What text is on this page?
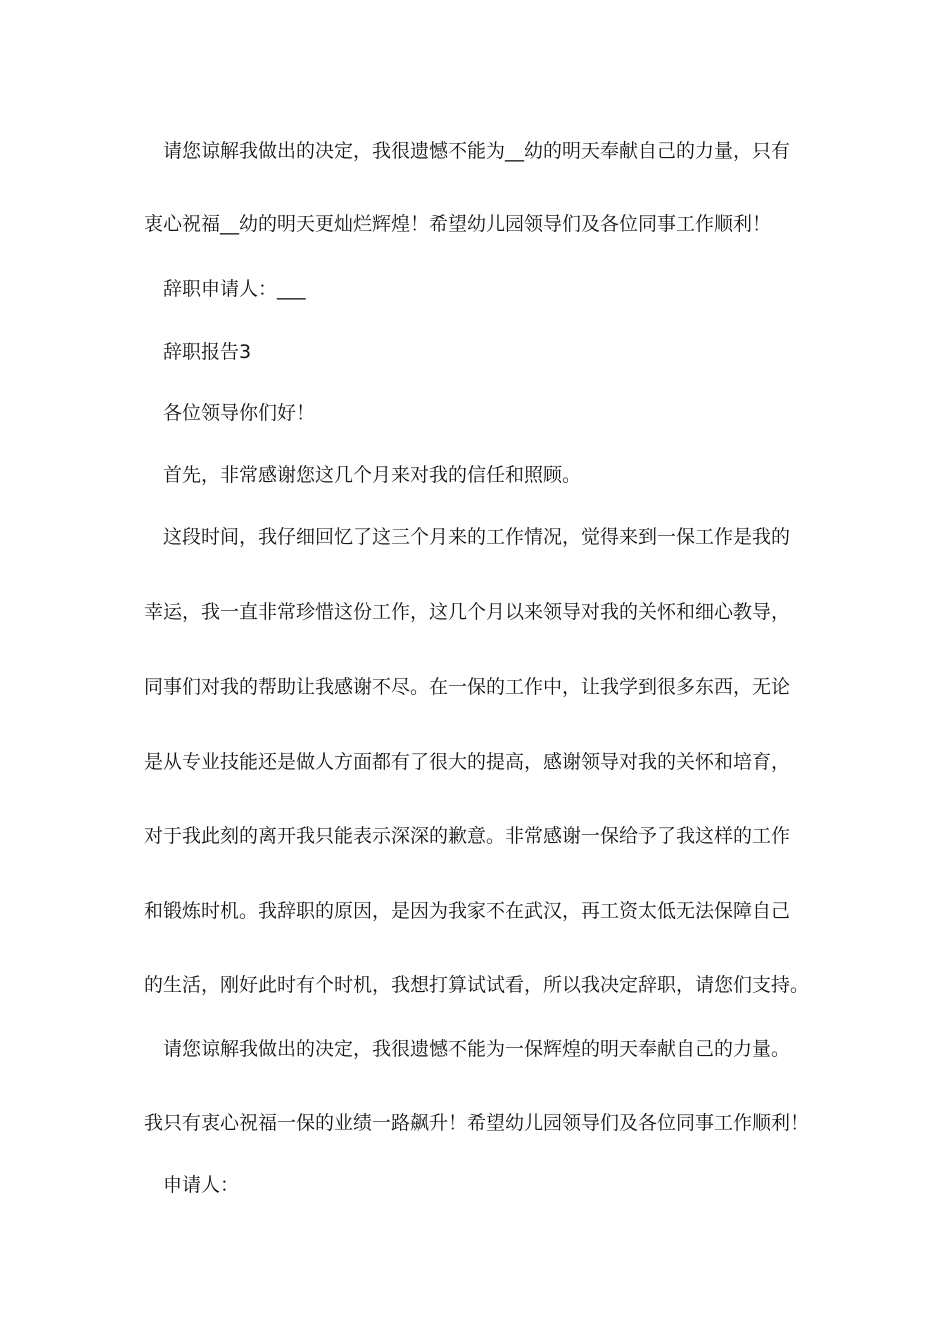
请您谅解我做出的决定，我很遗憾不能为__幼的明天奉献自己的力量，只有
衷心祝福__幼的明天更灿烂辉煌！希望幼儿园领导们及各位同事工作顺利！
辞职申请人：___
辞职报告3
各位领导你们好！
首先，非常感谢您这几个月来对我的信任和照顾。
这段时间，我仔细回忆了这三个月来的工作情况，觉得来到一保工作是我的
幸运，我一直非常珍惜这份工作，这几个月以来领导对我的关怀和细心教导，
同事们对我的帮助让我感谢不尽。在一保的工作中，让我学到很多东西，无论
是从专业技能还是做人方面都有了很大的提高，感谢领导对我的关怀和培育，
对于我此刻的离开我只能表示深深的歉意。非常感谢一保给予了我这样的工作
和锻炼时机。我辞职的原因，是因为我家不在武汉，再工资太低无法保障自己
的生活，刚好此时有个时机，我想打算试试看，所以我决定辞职，请您们支持。
请您谅解我做出的决定，我很遗憾不能为一保辉煌的明天奉献自己的力量。
我只有衷心祝福一保的业绩一路飙升！希望幼儿园领导们及各位同事工作顺利！
申请人：
